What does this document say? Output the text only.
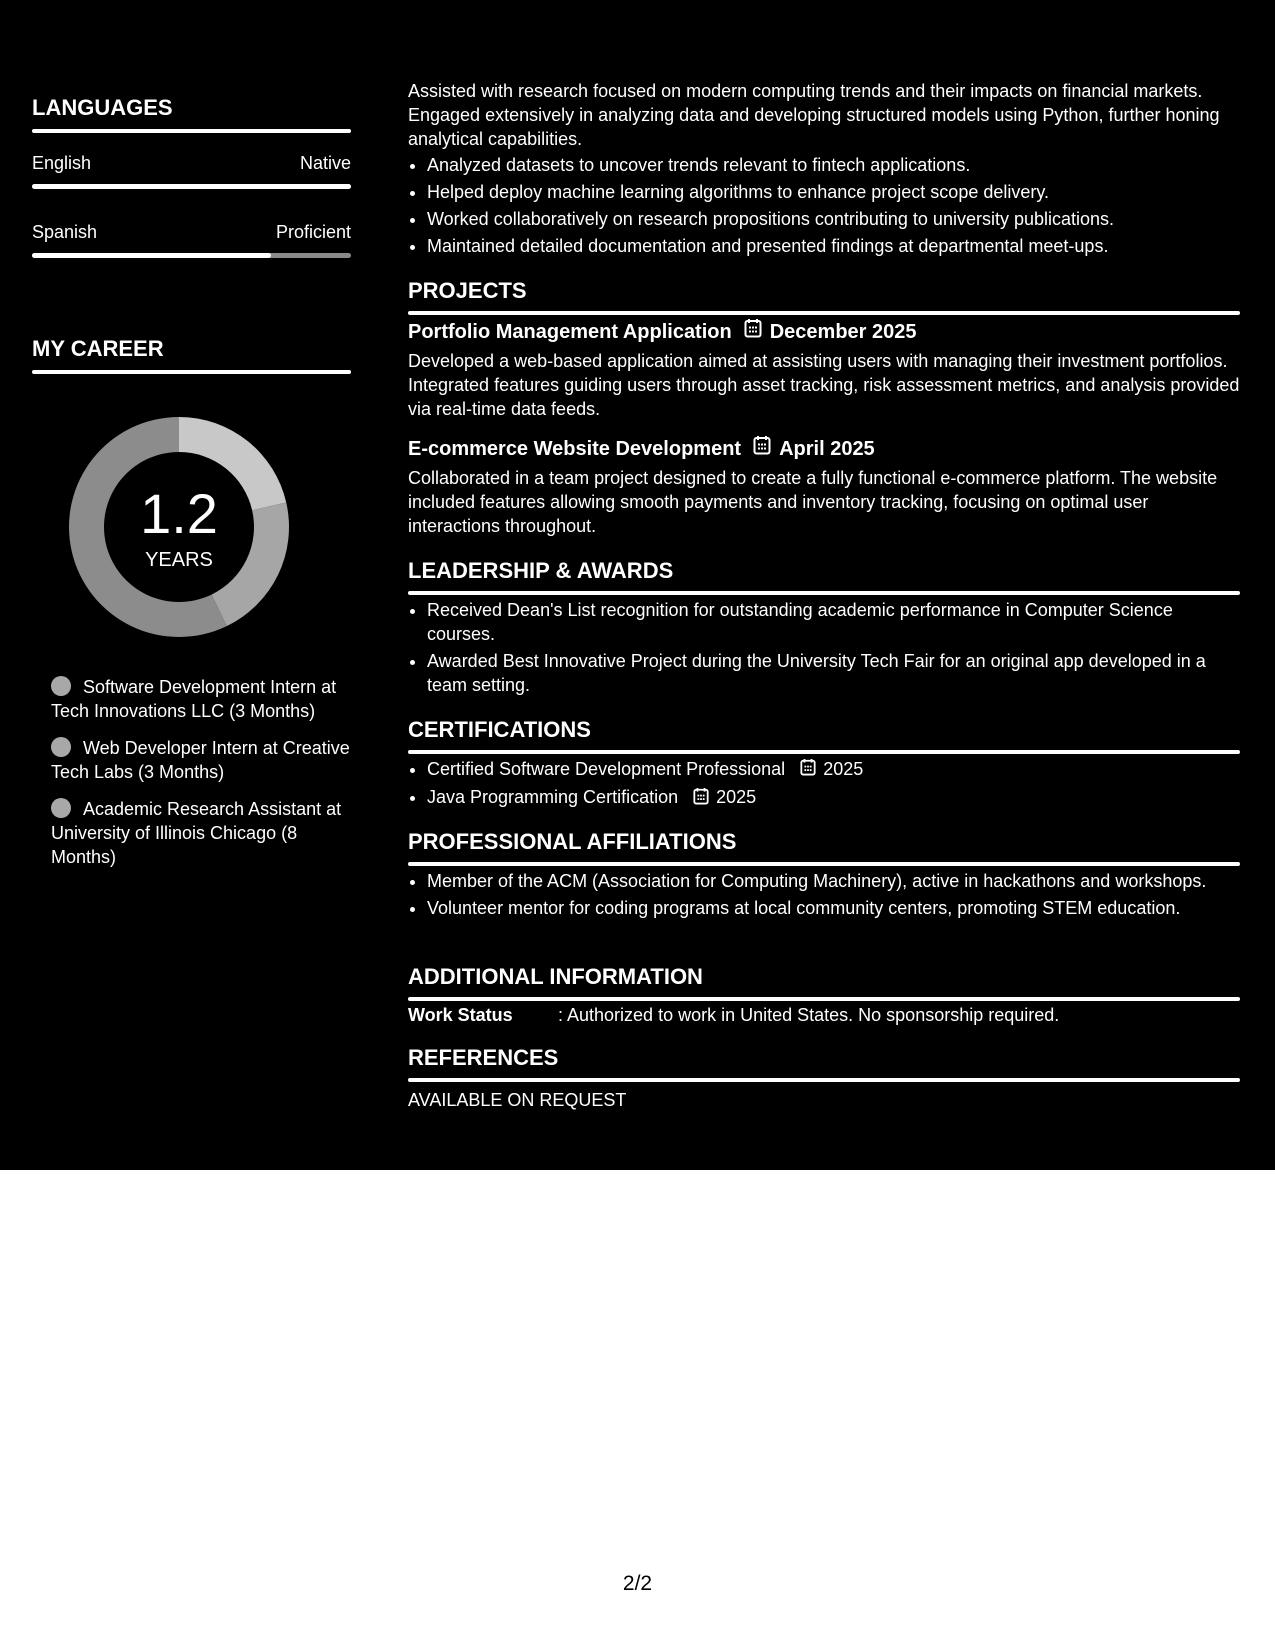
LANGUAGES
English	Native
Spanish	Proficient
MY CAREER
1.2
YEARS
Software Development Intern at Tech Innovations LLC (3 Months)
Web Developer Intern at Creative Tech Labs (3 Months)
Academic Research Assistant at University of Illinois Chicago (8 Months)

Assisted with research focused on modern computing trends and their impacts on financial markets. Engaged extensively in analyzing data and developing structured models using Python, further honing analytical capabilities.

• Analyzed datasets to uncover trends relevant to fintech applications.
• Helped deploy machine learning algorithms to enhance project scope delivery.
• Worked collaboratively on research propositions contributing to university publications.
• Maintained detailed documentation and presented findings at departmental meet-ups.
PROJECTS
Portfolio Management Application December 2025

Developed a web-based application aimed at assisting users with managing their investment portfolios. Integrated features guiding users through asset tracking, risk assessment metrics, and analysis provided via real-time data feeds.

E-commerce Website Development April 2025

Collaborated in a team project designed to create a fully functional e-commerce platform. The website included features allowing smooth payments and inventory tracking, focusing on optimal user interactions throughout.

LEADERSHIP & AWARDS
• Received Dean's List recognition for outstanding academic performance in Computer Science courses.
• Awarded Best Innovative Project during the University Tech Fair for an original app developed in a team setting.
CERTIFICATIONS
• Certified Software Development Professional 2025
• Java Programming Certification 2025
PROFESSIONAL AFFILIATIONS
• Member of the ACM (Association for Computing Machinery), active in hackathons and workshops.
• Volunteer mentor for coding programs at local community centers, promoting STEM education.
ADDITIONAL INFORMATION
Work Status	: Authorized to work in United States. No sponsorship required.
REFERENCES
AVAILABLE ON REQUEST
2/2
